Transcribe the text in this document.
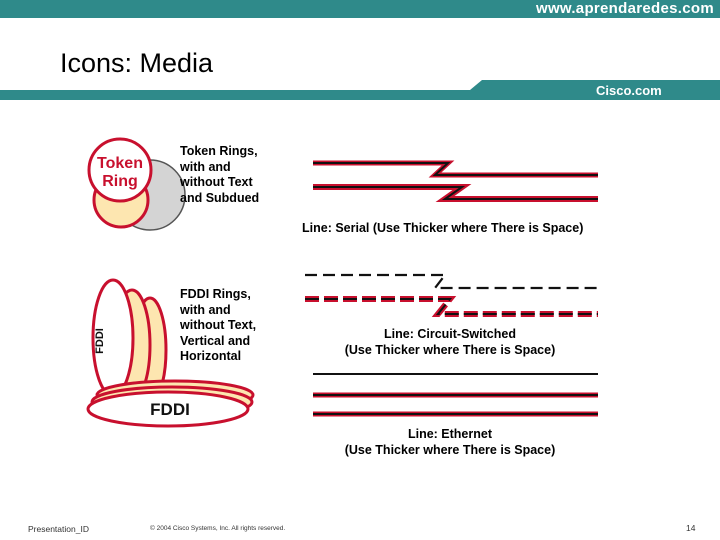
www.aprendaredes.com
Icons: Media
Cisco.com
Token
Ring
FDDI
FDDI
Token Rings,
with and
without Text
and Subdued
Line: Serial (Use Thicker where There is Space)
FDDI Rings,
with and
without Text,
Vertical and
Horizontal
Line: Circuit-Switched
(Use Thicker where There is Space)
Line: Ethernet
(Use Thicker where There is Space)
Presentation_ID	© 2004 Cisco Systems, Inc. All rights reserved.	14
